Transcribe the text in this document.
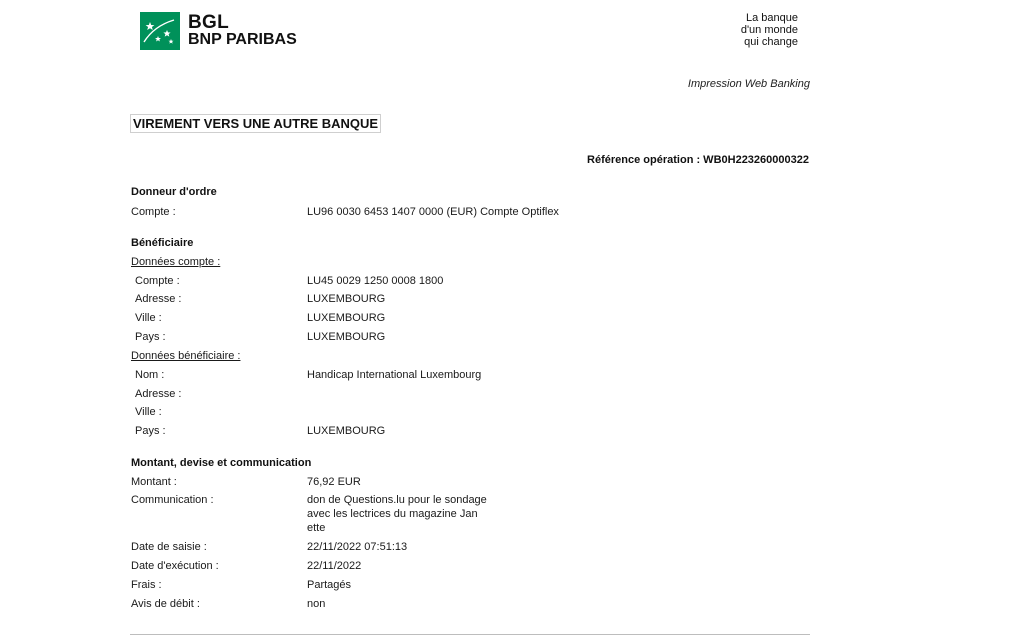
BGL
BNP PARIBAS
La banque
d'un monde
qui change
Impression Web Banking
VIREMENT VERS UNE AUTRE BANQUE
Référence opération : WB0H223260000322
Donneur d'ordre
Compte :	LU96 0030 6453 1407 0000 (EUR) Compte Optiflex
Bénéficiaire
Données compte :
Compte :	LU45 0029 1250 0008 1800
Adresse :	LUXEMBOURG
Ville :	LUXEMBOURG
Pays :	LUXEMBOURG
Données bénéficiaire :
Nom :	Handicap International Luxembourg
Adresse :
Ville :
Pays :	LUXEMBOURG
Montant, devise et communication
Montant :	76,92 EUR
Communication :	don de Questions.lu pour le sondage
avec les lectrices du magazine Jan
ette
Date de saisie :	22/11/2022 07:51:13
Date d'exécution :	22/11/2022
Frais :	Partagés
Avis de débit :	non
